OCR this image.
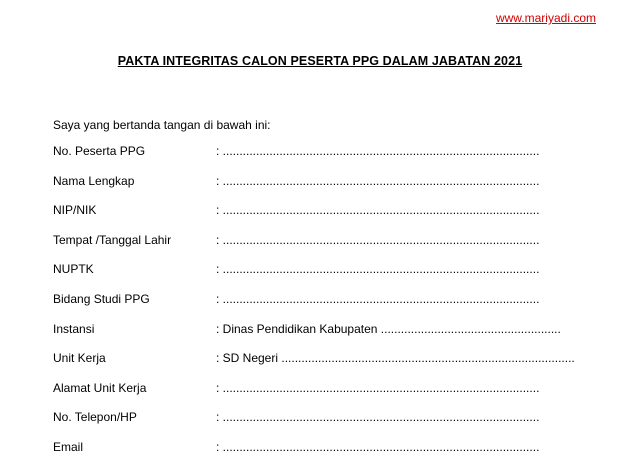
www.mariyadi.com
PAKTA INTEGRITAS CALON PESERTA PPG DALAM JABATAN 2021
Saya yang bertanda tangan di bawah ini:
No. Peserta PPG	: ...............................................................................................
Nama Lengkap	: ...............................................................................................
NIP/NIK	: ...............................................................................................
Tempat /Tanggal Lahir	: ...............................................................................................
NUPTK	: ...............................................................................................
Bidang Studi PPG	: ...............................................................................................
Instansi	: Dinas Pendidikan Kabupaten ......................................................
Unit Kerja	: SD Negeri ........................................................................................
Alamat Unit Kerja	: ...............................................................................................
No. Telepon/HP	: ...............................................................................................
Email	: ...............................................................................................
